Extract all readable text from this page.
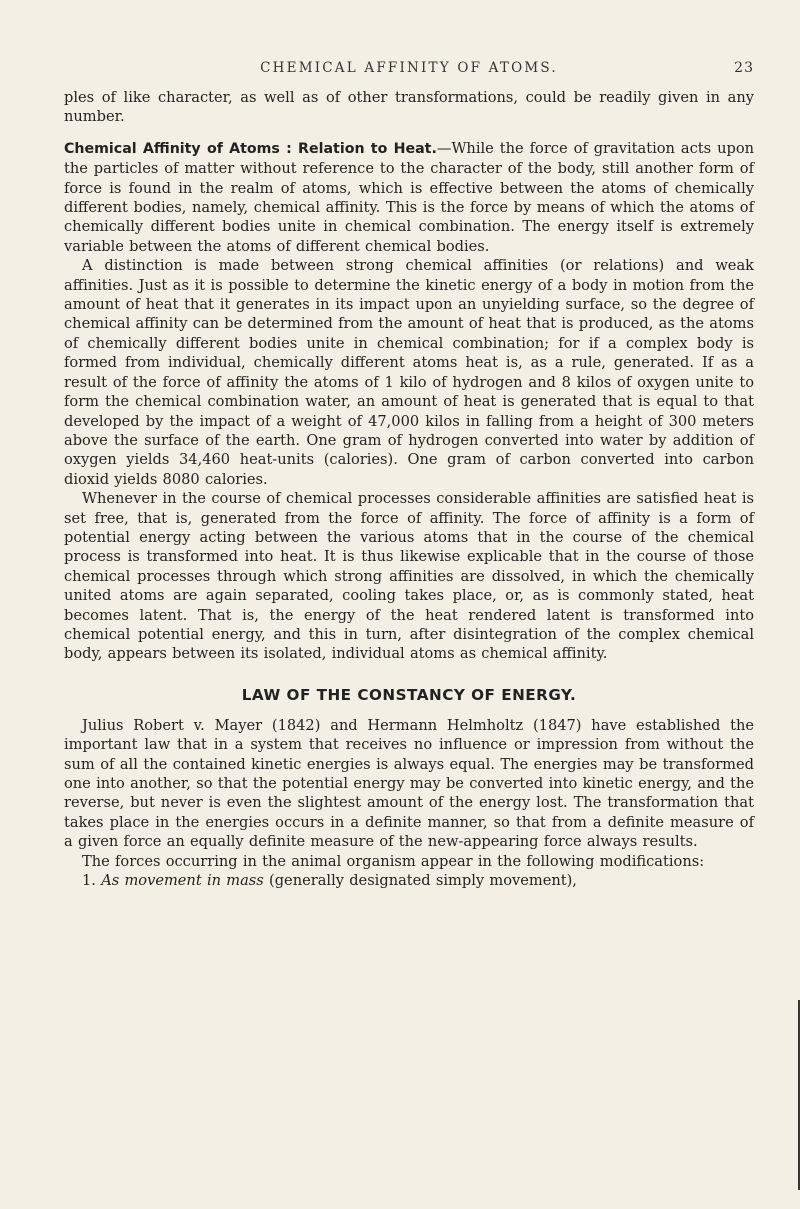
CHEMICAL AFFINITY OF ATOMS.	23

ples of like character, as well as of other transformations, could be readily given in any number.

Chemical Affinity of Atoms : Relation to Heat.—While the force of gravitation acts upon the particles of matter without reference to the character of the body, still another form of force is found in the realm of atoms, which is effective between the atoms of chemically different bodies, namely, chemical affinity. This is the force by means of which the atoms of chemically different bodies unite in chemical combination. The energy itself is extremely variable between the atoms of different chemical bodies.

A distinction is made between strong chemical affinities (or relations) and weak affinities. Just as it is possible to determine the kinetic energy of a body in motion from the amount of heat that it generates in its impact upon an unyielding surface, so the degree of chemical affinity can be determined from the amount of heat that is produced, as the atoms of chemically different bodies unite in chemical combination; for if a complex body is formed from individual, chemically different atoms heat is, as a rule, generated. If as a result of the force of affinity the atoms of 1 kilo of hydrogen and 8 kilos of oxygen unite to form the chemical combination water, an amount of heat is generated that is equal to that developed by the impact of a weight of 47,000 kilos in falling from a height of 300 meters above the surface of the earth. One gram of hydrogen converted into water by addition of oxygen yields 34,460 heat-units (calories). One gram of carbon converted into carbon dioxid yields 8080 calories.

Whenever in the course of chemical processes considerable affinities are satisfied heat is set free, that is, generated from the force of affinity. The force of affinity is a form of potential energy acting between the various atoms that in the course of the chemical process is transformed into heat. It is thus likewise explicable that in the course of those chemical processes through which strong affinities are dissolved, in which the chemically united atoms are again separated, cooling takes place, or, as is commonly stated, heat becomes latent. That is, the energy of the heat rendered latent is transformed into chemical potential energy, and this in turn, after disintegration of the complex chemical body, appears between its isolated, individual atoms as chemical affinity.

LAW OF THE CONSTANCY OF ENERGY.

Julius Robert v. Mayer (1842) and Hermann Helmholtz (1847) have established the important law that in a system that receives no influence or impression from without the sum of all the contained kinetic energies is always equal. The energies may be transformed one into another, so that the potential energy may be converted into kinetic energy, and the reverse, but never is even the slightest amount of the energy lost. The transformation that takes place in the energies occurs in a definite manner, so that from a definite measure of a given force an equally definite measure of the new-appearing force always results.

The forces occurring in the animal organism appear in the following modifications:

1. As movement in mass (generally designated simply movement),
